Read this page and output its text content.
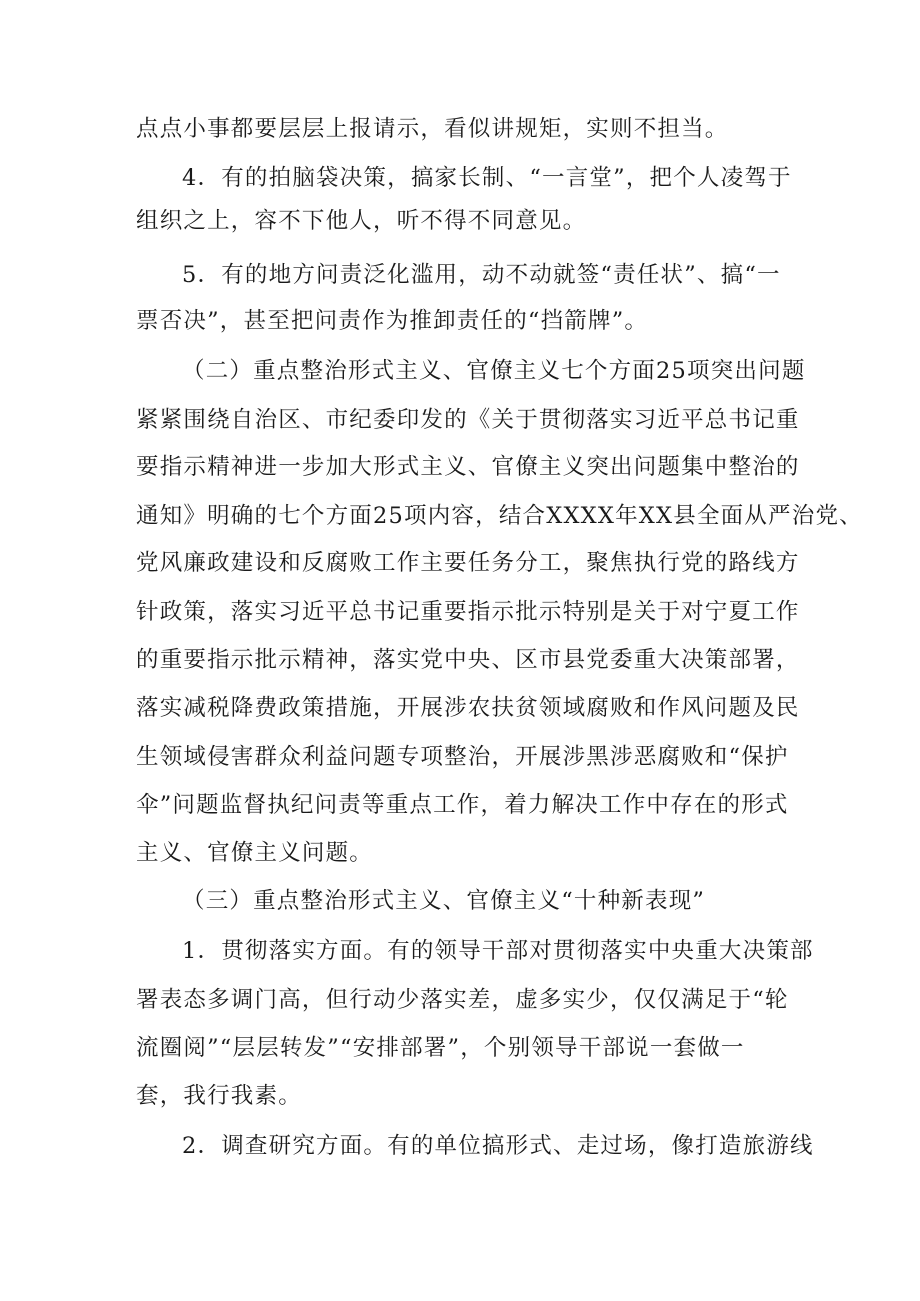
点点小事都要层层上报请示，看似讲规矩，实则不担当。
4．有的拍脑袋决策，搞家长制、“一言堂”，把个人凌驾于
组织之上，容不下他人，听不得不同意见。
5．有的地方问责泛化滥用，动不动就签“责任状”、搞“一
票否决”，甚至把问责作为推卸责任的“挡箭牌”。
（二）重点整治形式主义、官僚主义七个方面25项突出问题
紧紧围绕自治区、市纪委印发的《关于贯彻落实习近平总书记重
要指示精神进一步加大形式主义、官僚主义突出问题集中整治的
通知》明确的七个方面25项内容，结合XXXX年XX县全面从严治党、
党风廉政建设和反腐败工作主要任务分工，聚焦执行党的路线方
针政策，落实习近平总书记重要指示批示特别是关于对宁夏工作
的重要指示批示精神，落实党中央、区市县党委重大决策部署，
落实减税降费政策措施，开展涉农扶贫领域腐败和作风问题及民
生领域侵害群众利益问题专项整治，开展涉黑涉恶腐败和“保护
伞”问题监督执纪问责等重点工作，着力解决工作中存在的形式
主义、官僚主义问题。
（三）重点整治形式主义、官僚主义“十种新表现”
1．贯彻落实方面。有的领导干部对贯彻落实中央重大决策部
署表态多调门高，但行动少落实差，虚多实少，仅仅满足于“轮
流圈阅”“层层转发”“安排部署”，个别领导干部说一套做一
套，我行我素。
2．调查研究方面。有的单位搞形式、走过场，像打造旅游线
